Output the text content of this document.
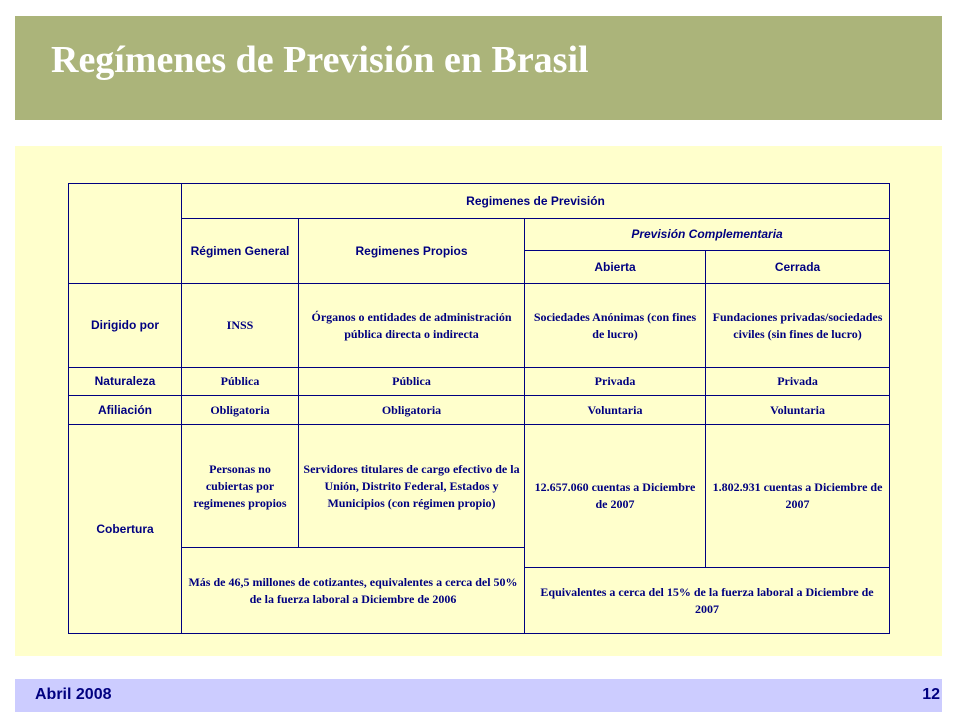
Regímenes de Previsión en Brasil
	Regimenes de Previsión			
	Régimen General	Regimenes Propios	Previsión Complementaria	
			Abierta	Cerrada
Dirigido por	INSS	Órganos o entidades de administración pública directa o indirecta	Sociedades Anónimas (con fines de lucro)	Fundaciones privadas/sociedades civiles (sin fines de lucro)
Naturaleza	Pública	Pública	Privada	Privada
Afiliación	Obligatoria	Obligatoria	Voluntaria	Voluntaria
Cobertura	Personas no cubiertas por regimenes propios	Servidores titulares de cargo efectivo de la Unión, Distrito Federal, Estados y Municipios (con régimen propio)	12.657.060 cuentas a Diciembre de 2007	1.802.931 cuentas a Diciembre de 2007
	Más de 46,5 millones de cotizantes, equivalentes a cerca del 50% de la fuerza laboral a Diciembre de 2006			
			Equivalentes a cerca del 15% de la fuerza laboral a Diciembre de 2007	
Abril 2008	12
